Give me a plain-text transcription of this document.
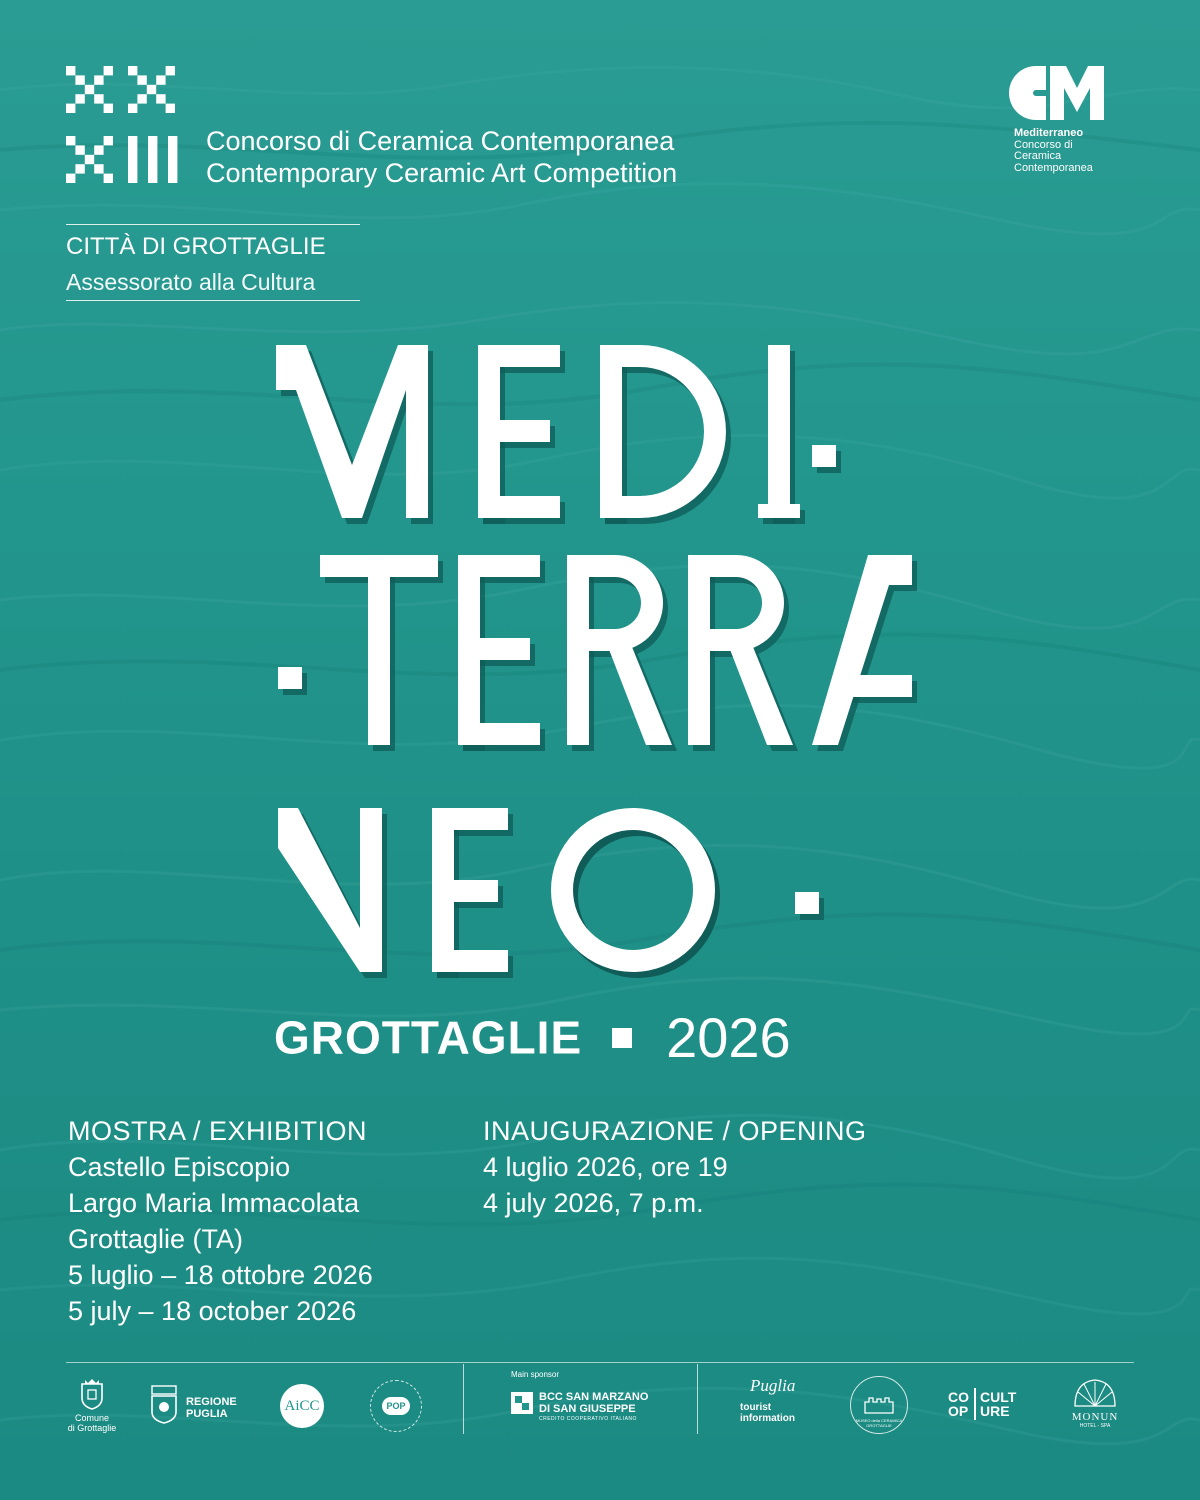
Concorso di Ceramica Contemporanea
Contemporary Ceramic Art Competition
Mediterraneo
Concorso di
Ceramica
Contemporanea
CITTÀ DI GROTTAGLIE
Assessorato alla Cultura
GROTTAGLIE 2026
MOSTRA / EXHIBITION
Castello Episcopio
Largo Maria Immacolata
Grottaglie (TA)
5 luglio – 18 ottobre 2026
5 july – 18 october 2026
INAUGURAZIONE / OPENING
4 luglio 2026, ore 19
4 july 2026, 7 p.m.
Comune
di Grottaglie
REGIONE
PUGLIA	AiCC	POP
Main sponsor
BCC SAN MARZANO
DI SAN GIUSEPPE
CREDITO COOPERATIVO ITALIANO
Puglia
tourist
information	MUSEO della CERAMICA GROTTAGLIE
CO
OP
CULT
URE	MONUN
HOTEL - SPA
